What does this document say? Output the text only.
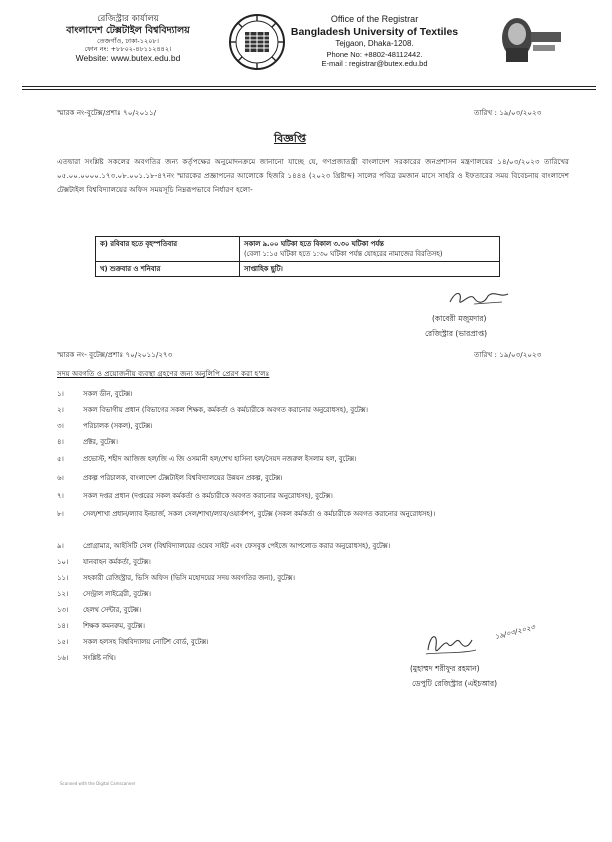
রেজিস্ট্রার কার্যালয়
বাংলাদেশ টেক্সটাইল বিশ্ববিদ্যালয়
তেজগাঁও, ঢাকা-১২০৮।
ফোন নং: +৮৮০২-৪৮১১২৪৪২।
Website: www.butex.edu.bd
Office of the Registrar
Bangladesh University of Textiles
Tejgaon, Dhaka-1208.
Phone No: +8802-48112442.
E-mail : registrar@butex.edu.bd
স্মারক নং-বুটেক্স/প্রশাঃ ৭০/২০১১/	তারিখ : ১৯/০৩/২০২৩
বিজ্ঞপ্তি
এতদ্বারা সংশ্লিষ্ট সকলের অবগতির জন্য কর্তৃপক্ষের অনুমোদনক্রমে জানানো যাচ্ছে যে, গণপ্রজাতন্ত্রী বাংলাদেশ সরকারের জনপ্রশাসন মন্ত্রণালয়ের ১৪/০৩/২০২৩ তারিখের ০৫.০০.০০০০.১৭৩.০৮.০০১.১৮-৪৭নং স্মারকের প্রজ্ঞাপনের আলোকে হিজরি ১৪৪৪ (২০২৩ খ্রিষ্টাব্দ) সালের পবিত্র রমজান মাসে সাহরি ও ইফতারের সময় বিবেচনায় বাংলাদেশ টেক্সটাইল বিশ্ববিদ্যালয়ের অফিস সময়সূচি নিম্নরূপভাবে নির্ধারণ হলো-
ক) রবিবার হতে বৃহস্পতিবার	সকাল ৯.০০ ঘটিকা হতে বিকাল ৩.৩০ ঘটিকা পর্যন্ত
(বেলা ১:১৫ ঘটিকা হতে ১:৩০ ঘটিকা পর্যন্ত যোহরের নামাজের বিরতিসহ)

খ) শুক্রবার ও শনিবার	সাপ্তাহিক ছুটি।
(কাবেরী মজুমদার)
রেজিস্ট্রার (ভারপ্রাপ্ত)
স্মারক নং- বুটেক্স/প্রশাঃ ৭০/২০১১/২৭৩	তারিখ : ১৯/০৩/২০২৩
সদয় অবগতি ও প্রয়োজনীয় ব্যবস্থা গ্রহণের জন্য অনুলিপি প্রেরণ করা হ'লঃ
১।	সকল ডীন, বুটেক্স।
২।	সকল বিভাগীয় প্রধান (বিভাগের সকল শিক্ষক, কর্মকর্তা ও কর্মচারীকে অবগত করানোর অনুরোধসহ), বুটেক্স।
৩।	পরিচালক (সকল), বুটেক্স।
৪।	প্রক্টর, বুটেক্স।
৫।	প্রভোস্ট, শহীদ আজিজ হল/জি এ জি ওসমানী হল/শেখ হাসিনা হল/সৈয়দ নজরুল ইসলাম হল, বুটেক্স।
৬।	প্রকল্প পরিচালক, বাংলাদেশ টেক্সটাইল বিশ্ববিদ্যালয়ের উন্নয়ন প্রকল্প, বুটেক্স।
৭।	সকল দপ্তর প্রধান (দপ্তরের সকল কর্মকর্তা ও কর্মচারীকে অবগত করানোর অনুরোধসহ), বুটেক্স।
৮।	সেল/শাখা প্রধান/ল্যাব ইনচার্জ, সকল সেল/শাখা/ল্যাব/ওয়ার্কশপ, বুটেক্স (সকল কর্মকর্তা ও কর্মচারীকে অবগত করানোর অনুরোধসহ)।
৯।	প্রোগ্রামার, আইসিটি সেল (বিশ্ববিদ্যালয়ের ওয়েব সাইট এবং ফেসবুক পেইজে আপলোড করার অনুরোধসহ), বুটেক্স।
১০।	যানবাহন কর্মকর্তা, বুটেক্স।
১১।	সহকারী রেজিস্ট্রার, ভিসি অফিস (ভিসি মহোদয়ের সদয় অবগতির জন্য), বুটেক্স।
১২।	সেন্ট্রাল লাইব্রেরী, বুটেক্স।
১৩।	হেলথ সেন্টার, বুটেক্স।
১৪।	শিক্ষক কমনরুম, বুটেক্স।
১৫।	সকল হলসহ বিশ্ববিদ্যালয় নোটিশ বোর্ড, বুটেক্স।
১৬।	সংশ্লিষ্ট নথি।
১৯/০৩/২০২৩
(মুহাম্মদ শরীফুর রহমান)
ডেপুটি রেজিস্ট্রার (এইচআর)
Scanned with the Digital Camscanner
